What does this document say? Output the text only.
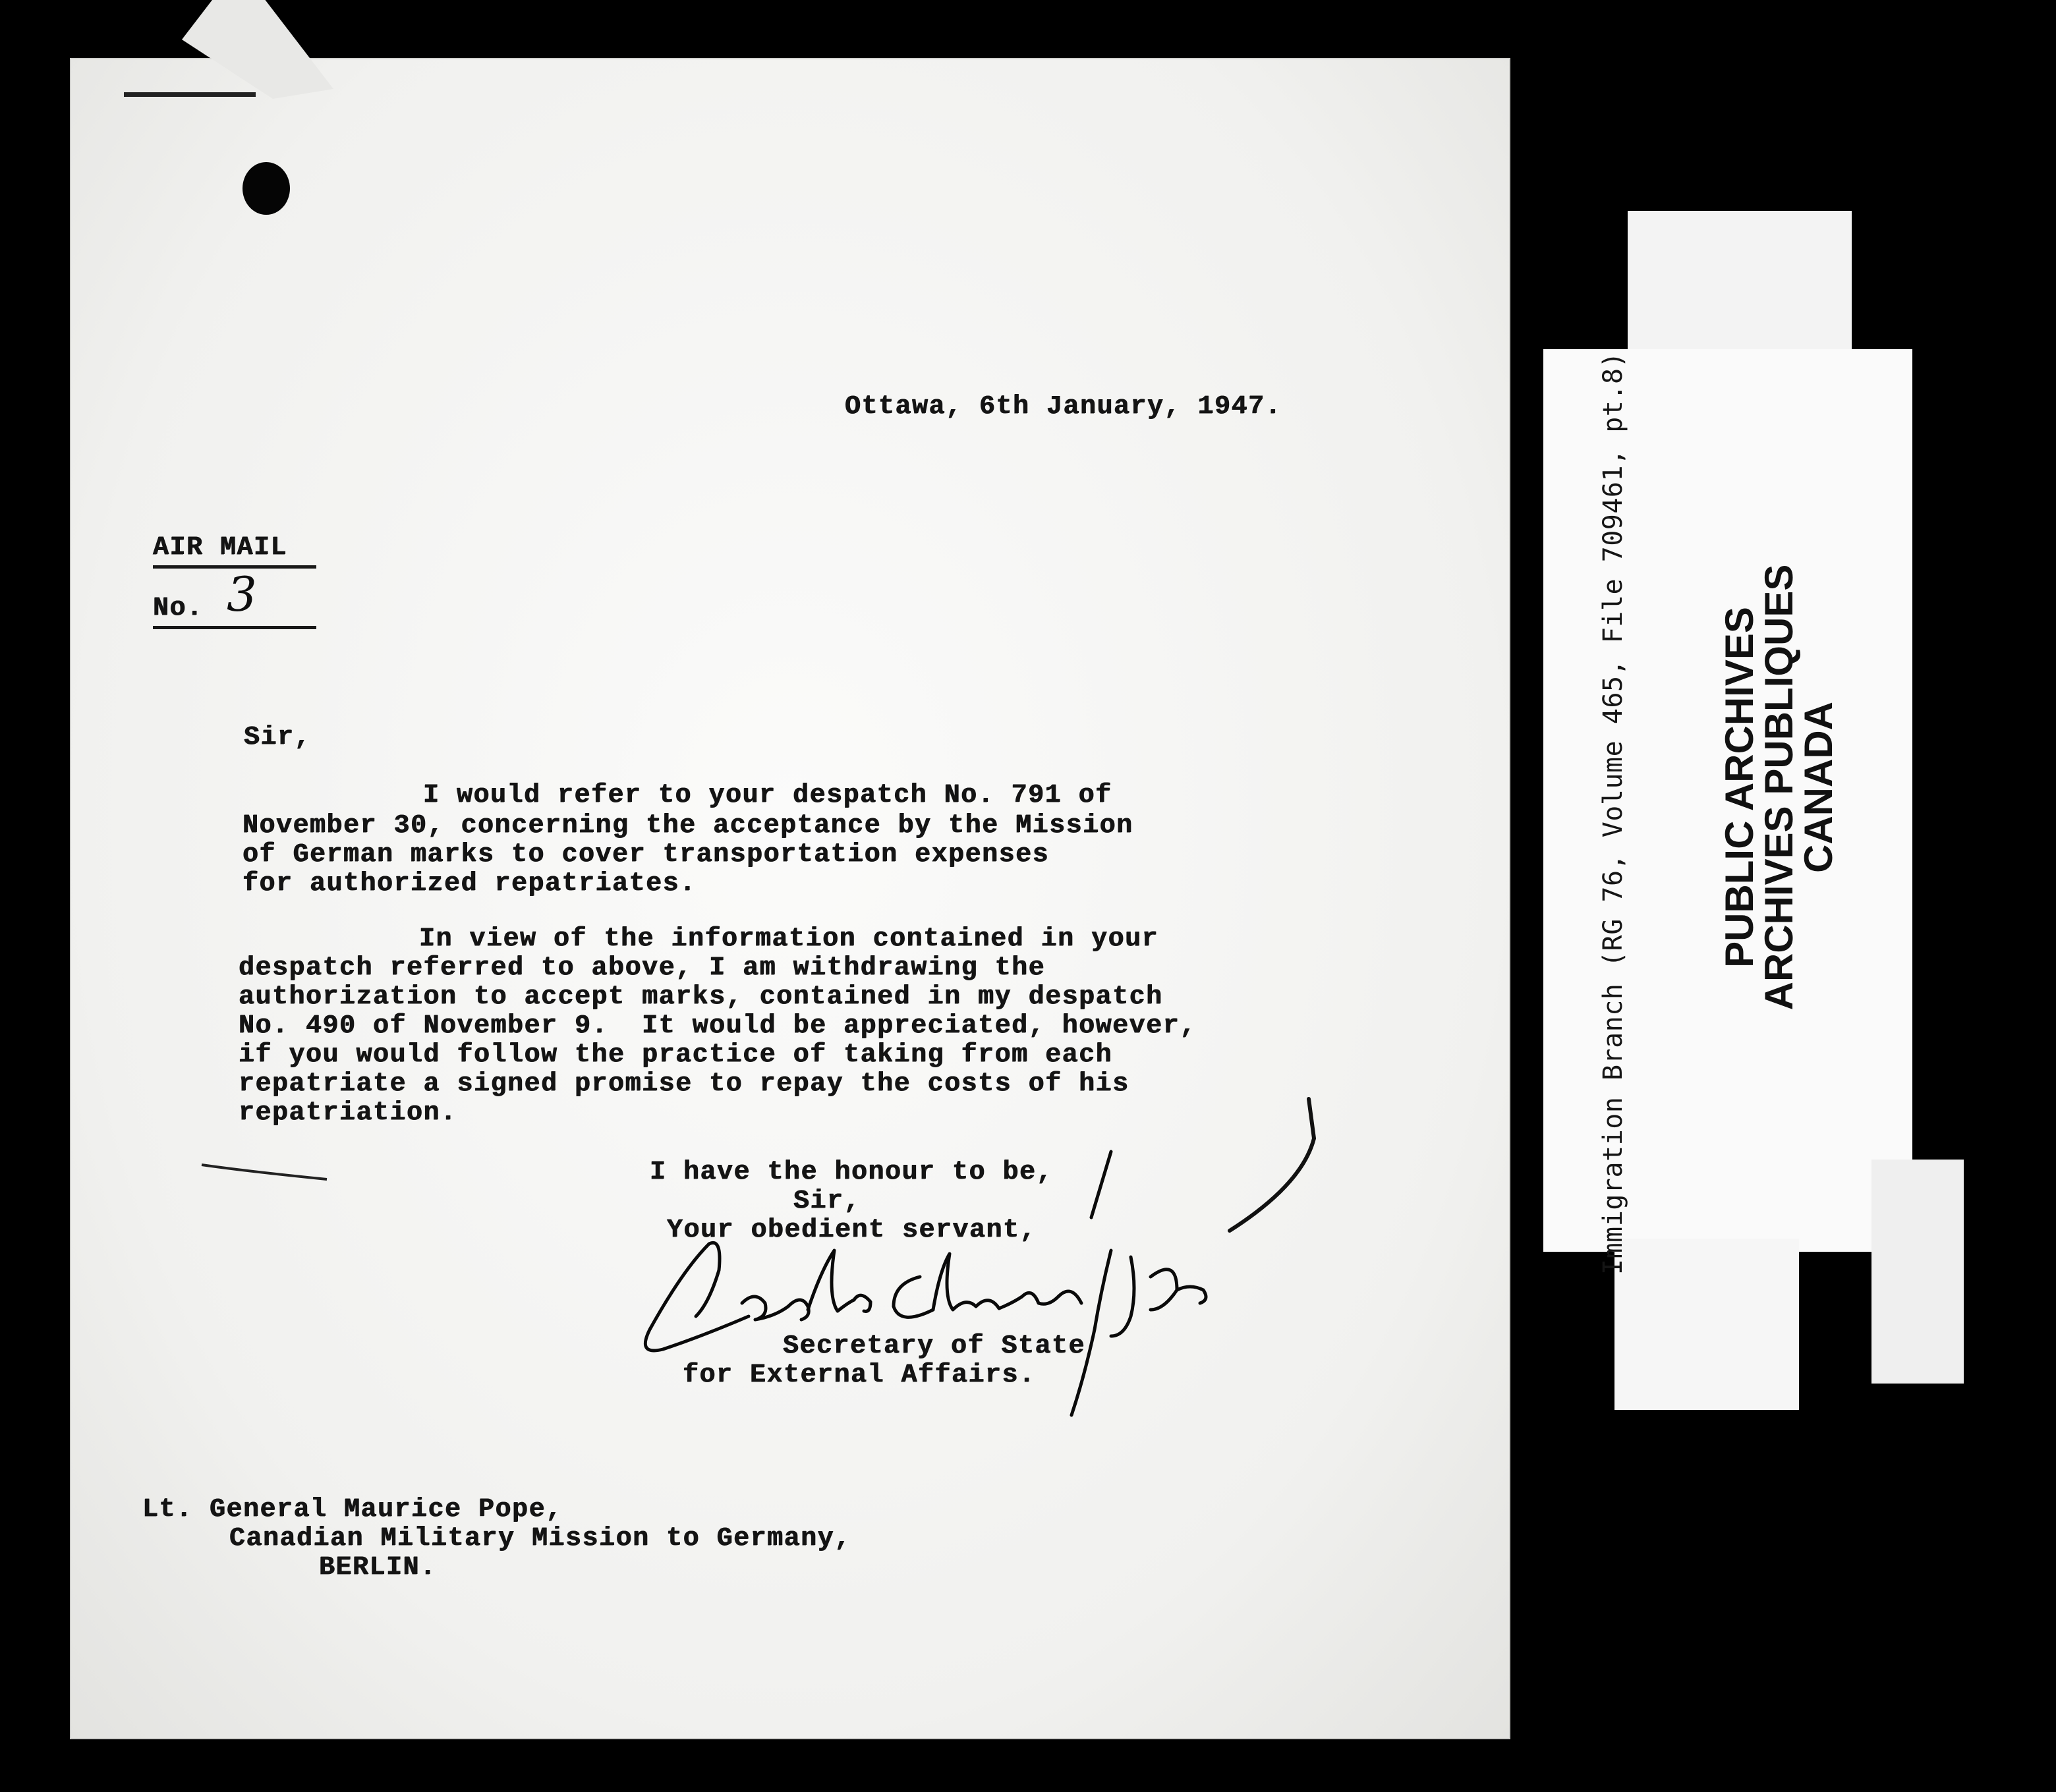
Ottawa, 6th January, 1947.
AIR MAIL
No. 3
Sir,
I would refer to your despatch No. 791 of
November 30, concerning the acceptance by the Mission
of German marks to cover transportation expenses
for authorized repatriates.
In view of the information contained in your
despatch referred to above, I am withdrawing the
authorization to accept marks, contained in my despatch
No. 490 of November 9.  It would be appreciated, however,
if you would follow the practice of taking from each
repatriate a signed promise to repay the costs of his
repatriation.
I have the honour to be,
Sir,
Your obedient servant,
Secretary of State
for External Affairs.
Lt. General Maurice Pope,
Canadian Military Mission to Germany,
BERLIN.
Immigration Branch (RG 76, Volume 465, File 709461, pt.8) PUBLIC ARCHIVES
ARCHIVES PUBLIQUES
CANADA
